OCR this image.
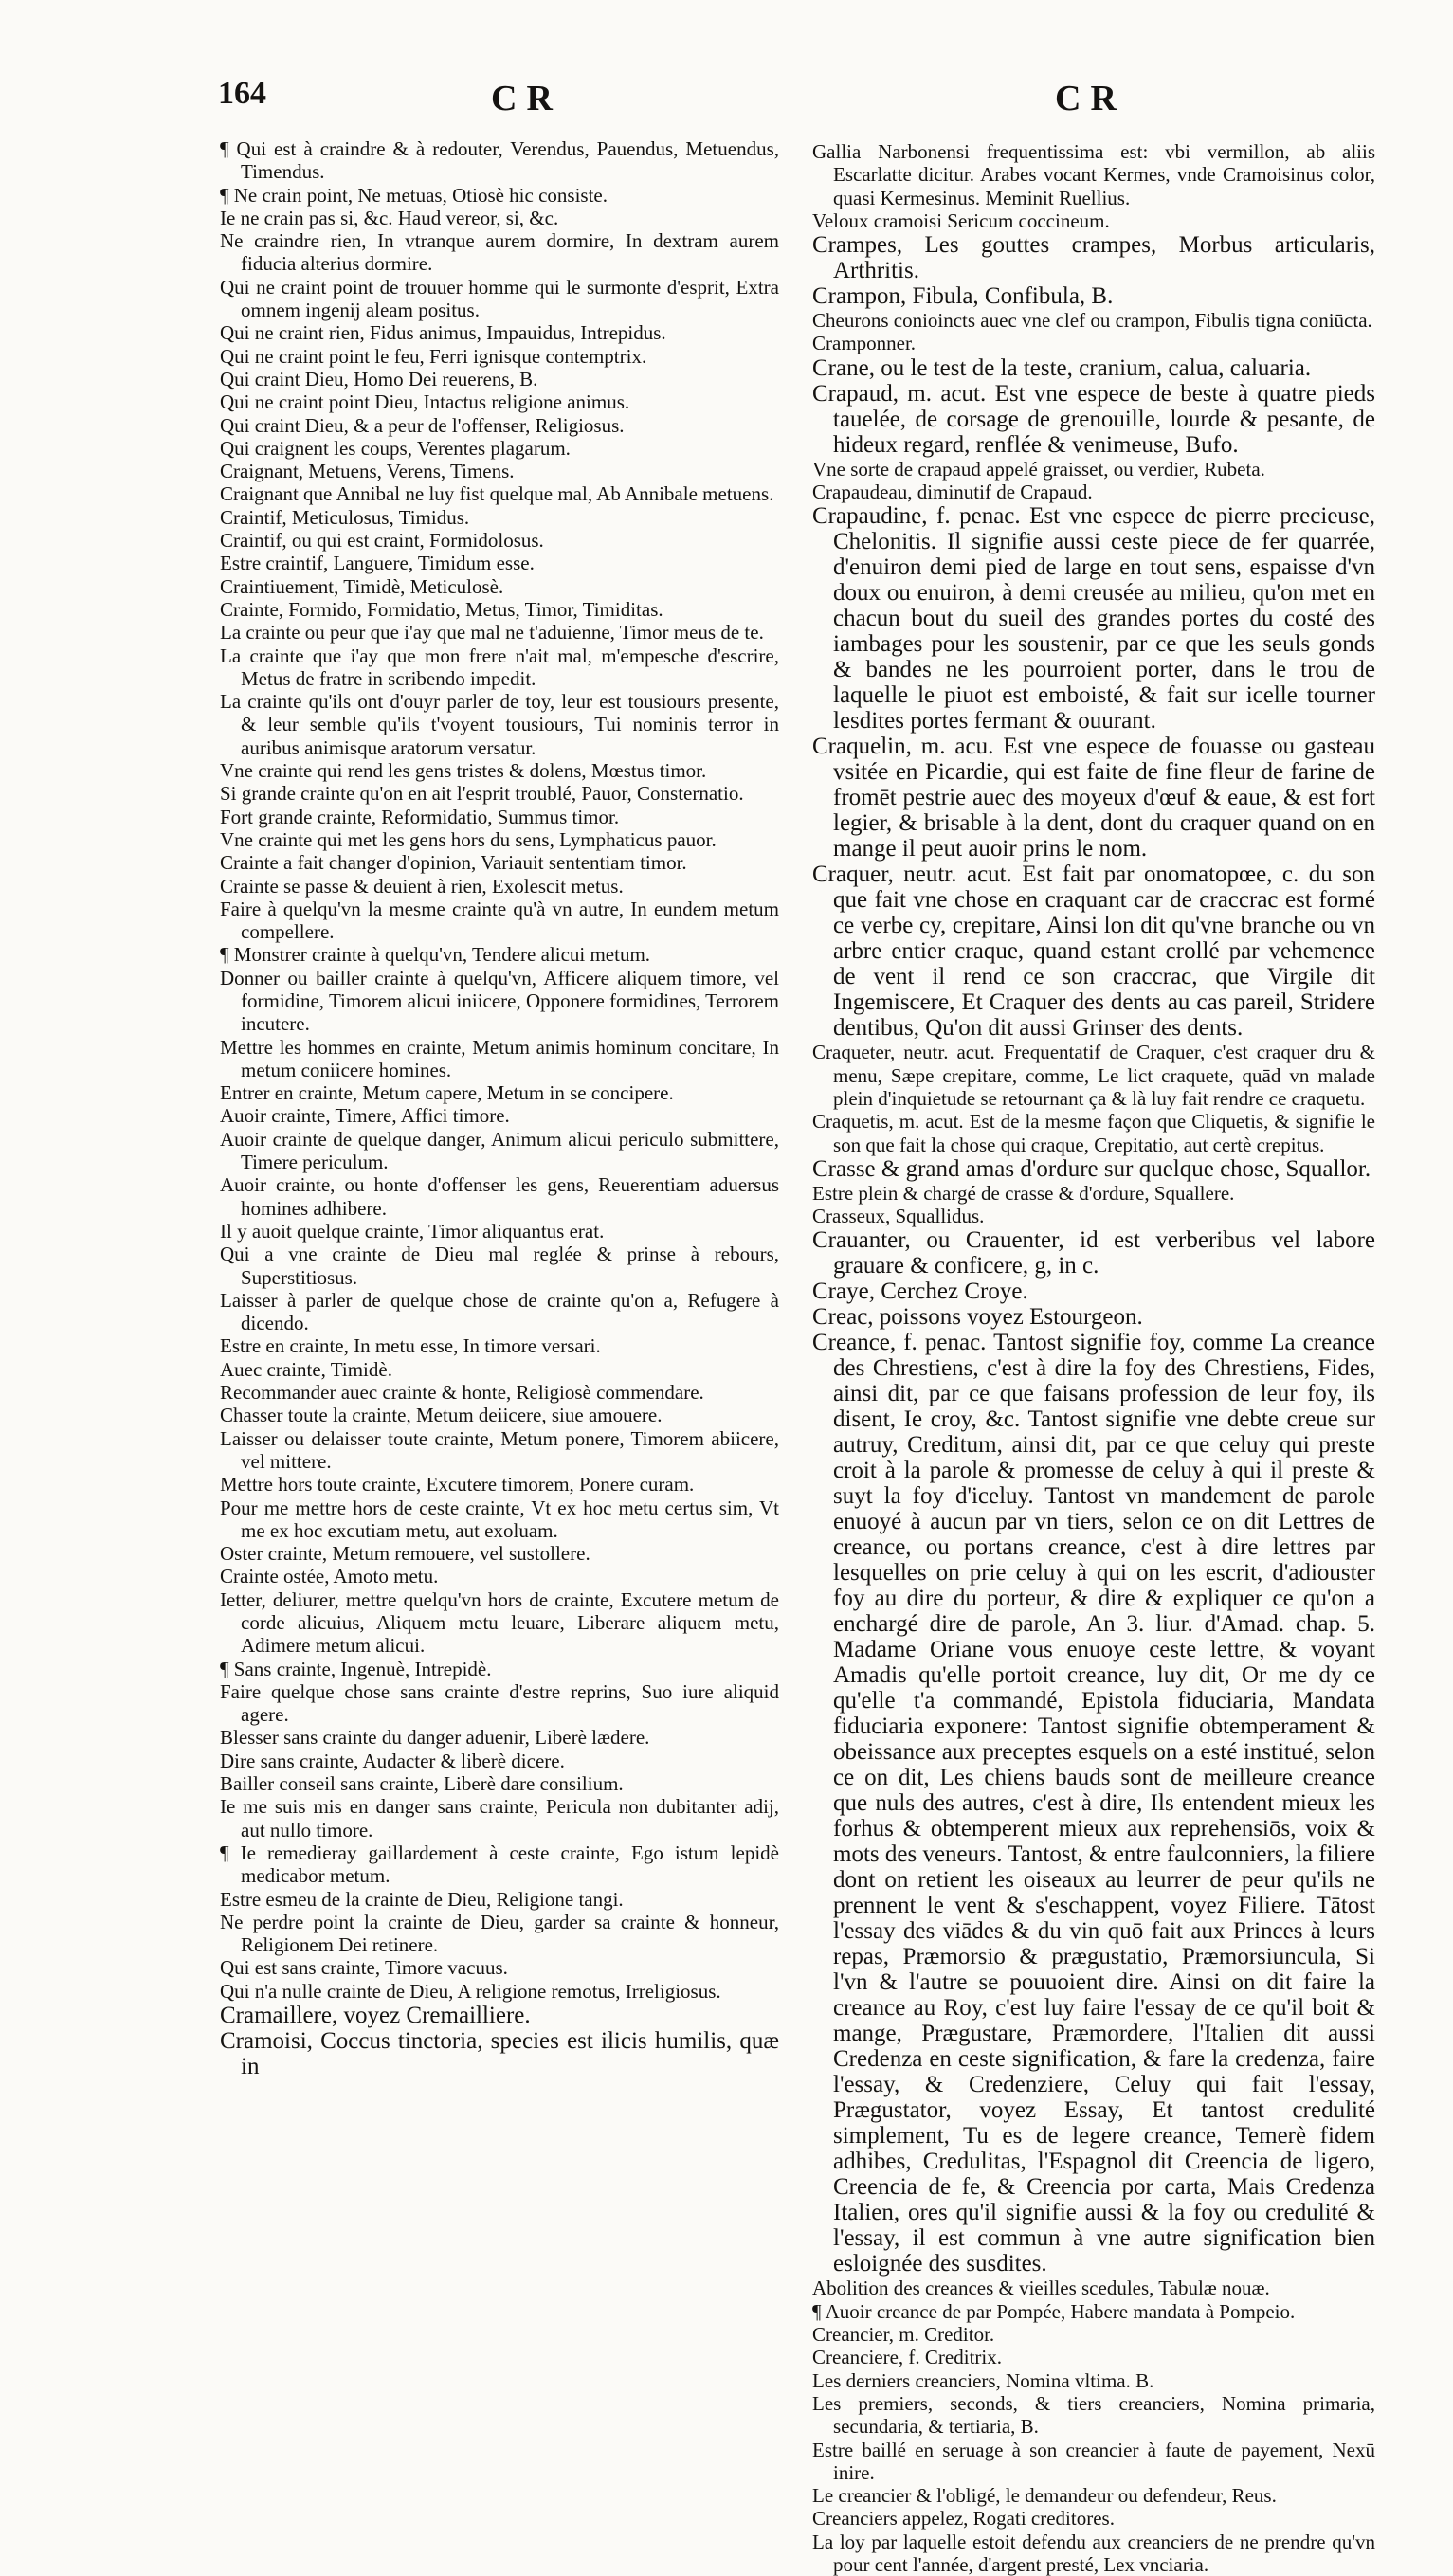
164	CR	CR

¶ Qui est à craindre & à redouter, Verendus, Pauendus, Metuendus, Timendus.

¶ Ne crain point, Ne metuas, Otiosè hic consiste.

Ie ne crain pas si, &c. Haud vereor, si, &c.

Ne craindre rien, In vtranque aurem dormire, In dextram aurem fiducia alterius dormire.

Qui ne craint point de trouuer homme qui le surmonte d'esprit, Extra omnem ingenij aleam positus.

Qui ne craint rien, Fidus animus, Impauidus, Intrepidus.

Qui ne craint point le feu, Ferri ignisque contemptrix.

Qui craint Dieu, Homo Dei reuerens, B.

Qui ne craint point Dieu, Intactus religione animus.

Qui craint Dieu, & a peur de l'offenser, Religiosus.

Qui craignent les coups, Verentes plagarum.

Craignant, Metuens, Verens, Timens.

Craignant que Annibal ne luy fist quelque mal, Ab Annibale metuens.

Craintif, Meticulosus, Timidus.

Craintif, ou qui est craint, Formidolosus.

Estre craintif, Languere, Timidum esse.

Craintiuement, Timidè, Meticulosè.

Crainte, Formido, Formidatio, Metus, Timor, Timiditas.

La crainte ou peur que i'ay que mal ne t'aduienne, Timor meus de te.

La crainte que i'ay que mon frere n'ait mal, m'empesche d'escrire, Metus de fratre in scribendo impedit.

La crainte qu'ils ont d'ouyr parler de toy, leur est tousiours presente, & leur semble qu'ils t'voyent tousiours, Tui nominis terror in auribus animisque aratorum versatur.

Vne crainte qui rend les gens tristes & dolens, Mœstus timor.

Si grande crainte qu'on en ait l'esprit troublé, Pauor, Consternatio.

Fort grande crainte, Reformidatio, Summus timor.

Vne crainte qui met les gens hors du sens, Lymphaticus pauor.

Crainte a fait changer d'opinion, Variauit sententiam timor.

Crainte se passe & deuient à rien, Exolescit metus.

Faire à quelqu'vn la mesme crainte qu'à vn autre, In eundem metum compellere.

¶ Monstrer crainte à quelqu'vn, Tendere alicui metum.

Donner ou bailler crainte à quelqu'vn, Afficere aliquem timore, vel formidine, Timorem alicui iniicere, Opponere formidines, Terrorem incutere.

Mettre les hommes en crainte, Metum animis hominum concitare, In metum coniicere homines.

Entrer en crainte, Metum capere, Metum in se concipere.

Auoir crainte, Timere, Affici timore.

Auoir crainte de quelque danger, Animum alicui periculo submittere, Timere periculum.

Auoir crainte, ou honte d'offenser les gens, Reuerentiam aduersus homines adhibere.

Il y auoit quelque crainte, Timor aliquantus erat.

Qui a vne crainte de Dieu mal reglée & prinse à rebours, Superstitiosus.

Laisser à parler de quelque chose de crainte qu'on a, Refugere à dicendo.

Estre en crainte, In metu esse, In timore versari.

Auec crainte, Timidè.

Recommander auec crainte & honte, Religiosè commendare.

Chasser toute la crainte, Metum deiicere, siue amouere.

Laisser ou delaisser toute crainte, Metum ponere, Timorem abiicere, vel mittere.

Mettre hors toute crainte, Excutere timorem, Ponere curam.

Pour me mettre hors de ceste crainte, Vt ex hoc metu certus sim, Vt me ex hoc excutiam metu, aut exoluam.

Oster crainte, Metum remouere, vel sustollere.

Crainte ostée, Amoto metu.

Ietter, deliurer, mettre quelqu'vn hors de crainte, Excutere metum de corde alicuius, Aliquem metu leuare, Liberare aliquem metu, Adimere metum alicui.

¶ Sans crainte, Ingenuè, Intrepidè.

Faire quelque chose sans crainte d'estre reprins, Suo iure aliquid agere.

Blesser sans crainte du danger aduenir, Liberè lædere.

Dire sans crainte, Audacter & liberè dicere.

Bailler conseil sans crainte, Liberè dare consilium.

Ie me suis mis en danger sans crainte, Pericula non dubitanter adij, aut nullo timore.

¶ Ie remedieray gaillardement à ceste crainte, Ego istum lepidè medicabor metum.

Estre esmeu de la crainte de Dieu, Religione tangi.

Ne perdre point la crainte de Dieu, garder sa crainte & honneur, Religionem Dei retinere.

Qui est sans crainte, Timore vacuus.

Qui n'a nulle crainte de Dieu, A religione remotus, Irreligiosus.

Cramaillere, voyez Cremailliere.

Cramoisi, Coccus tinctoria, species est ilicis humilis, quæ in

Gallia Narbonensi frequentissima est: vbi vermillon, ab aliis Escarlatte dicitur. Arabes vocant Kermes, vnde Cramoisinus color, quasi Kermesinus. Meminit Ruellius.

Veloux cramoisi Sericum coccineum.

Crampes, Les gouttes crampes, Morbus articularis, Arthritis.

Crampon, Fibula, Confibula, B.

Cheurons conioincts auec vne clef ou crampon, Fibulis tigna coniūcta.

Cramponner.

Crane, ou le test de la teste, cranium, calua, caluaria.

Crapaud, m. acut. Est vne espece de beste à quatre pieds tauelée, de corsage de grenouille, lourde & pesante, de hideux regard, renflée & venimeuse, Bufo.

Vne sorte de crapaud appelé graisset, ou verdier, Rubeta.

Crapaudeau, diminutif de Crapaud.

Crapaudine, f. penac. Est vne espece de pierre precieuse, Chelonitis. Il signifie aussi ceste piece de fer quarrée, d'enuiron demi pied de large en tout sens, espaisse d'vn doux ou enuiron, à demi creusée au milieu, qu'on met en chacun bout du sueil des grandes portes du costé des iambages pour les soustenir, par ce que les seuls gonds & bandes ne les pourroient porter, dans le trou de laquelle le piuot est emboisté, & fait sur icelle tourner lesdites portes fermant & ouurant.

Craquelin, m. acu. Est vne espece de fouasse ou gasteau vsitée en Picardie, qui est faite de fine fleur de farine de fromēt pestrie auec des moyeux d'œuf & eaue, & est fort legier, & brisable à la dent, dont du craquer quand on en mange il peut auoir prins le nom.

Craquer, neutr. acut. Est fait par onomatopœe, c. du son que fait vne chose en craquant car de craccrac est formé ce verbe cy, crepitare, Ainsi lon dit qu'vne branche ou vn arbre entier craque, quand estant crollé par vehemence de vent il rend ce son craccrac, que Virgile dit Ingemiscere, Et Craquer des dents au cas pareil, Stridere dentibus, Qu'on dit aussi Grinser des dents.

Craqueter, neutr. acut. Frequentatif de Craquer, c'est craquer dru & menu, Sæpe crepitare, comme, Le lict craquete, quād vn malade plein d'inquietude se retournant ça & là luy fait rendre ce craquetu.

Craquetis, m. acut. Est de la mesme façon que Cliquetis, & signifie le son que fait la chose qui craque, Crepitatio, aut certè crepitus.

Crasse & grand amas d'ordure sur quelque chose, Squallor.

Estre plein & chargé de crasse & d'ordure, Squallere.

Crasseux, Squallidus.

Crauanter, ou Crauenter, id est verberibus vel labore grauare & conficere, g, in c.

Craye, Cerchez Croye.

Creac, poissons voyez Estourgeon.

Creance, f. penac. Tantost signifie foy, comme La creance des Chrestiens, c'est à dire la foy des Chrestiens, Fides, ainsi dit, par ce que faisans profession de leur foy, ils disent, Ie croy, &c. Tantost signifie vne debte creue sur autruy, Creditum, ainsi dit, par ce que celuy qui preste croit à la parole & promesse de celuy à qui il preste & suyt la foy d'iceluy. Tantost vn mandement de parole enuoyé à aucun par vn tiers, selon ce on dit Lettres de creance, ou portans creance, c'est à dire lettres par lesquelles on prie celuy à qui on les escrit, d'adiouster foy au dire du porteur, & dire & expliquer ce qu'on a enchargé dire de parole, An 3. liur. d'Amad. chap. 5. Madame Oriane vous enuoye ceste lettre, & voyant Amadis qu'elle portoit creance, luy dit, Or me dy ce qu'elle t'a commandé, Epistola fiduciaria, Mandata fiduciaria exponere: Tantost signifie obtemperament & obeissance aux preceptes esquels on a esté institué, selon ce on dit, Les chiens bauds sont de meilleure creance que nuls des autres, c'est à dire, Ils entendent mieux les forhus & obtemperent mieux aux reprehensiōs, voix & mots des veneurs. Tantost, & entre faulconniers, la filiere dont on retient les oiseaux au leurrer de peur qu'ils ne prennent le vent & s'eschappent, voyez Filiere. Tātost l'essay des viādes & du vin quō fait aux Princes à leurs repas, Præmorsio & prægustatio, Præmorsiuncula, Si l'vn & l'autre se pouuoient dire. Ainsi on dit faire la creance au Roy, c'est luy faire l'essay de ce qu'il boit & mange, Prægustare, Præmordere, l'Italien dit aussi Credenza en ceste signification, & fare la credenza, faire l'essay, & Credenziere, Celuy qui fait l'essay, Prægustator, voyez Essay, Et tantost credulité simplement, Tu es de legere creance, Temerè fidem adhibes, Credulitas, l'Espagnol dit Creencia de ligero, Creencia de fe, & Creencia por carta, Mais Credenza Italien, ores qu'il signifie aussi & la foy ou credulité & l'essay, il est commun à vne autre signification bien esloignée des susdites.

Abolition des creances & vieilles scedules, Tabulæ nouæ.

¶ Auoir creance de par Pompée, Habere mandata à Pompeio.

Creancier, m. Creditor.

Creanciere, f. Creditrix.

Les derniers creanciers, Nomina vltima. B.

Les premiers, seconds, & tiers creanciers, Nomina primaria, secundaria, & tertiaria, B.

Estre baillé en seruage à son creancier à faute de payement, Nexū inire.

Le creancier & l'obligé, le demandeur ou defendeur, Reus.

Creanciers appelez, Rogati creditores.

La loy par laquelle estoit defendu aux creanciers de ne prendre qu'vn pour cent l'année, d'argent presté, Lex vnciaria.
